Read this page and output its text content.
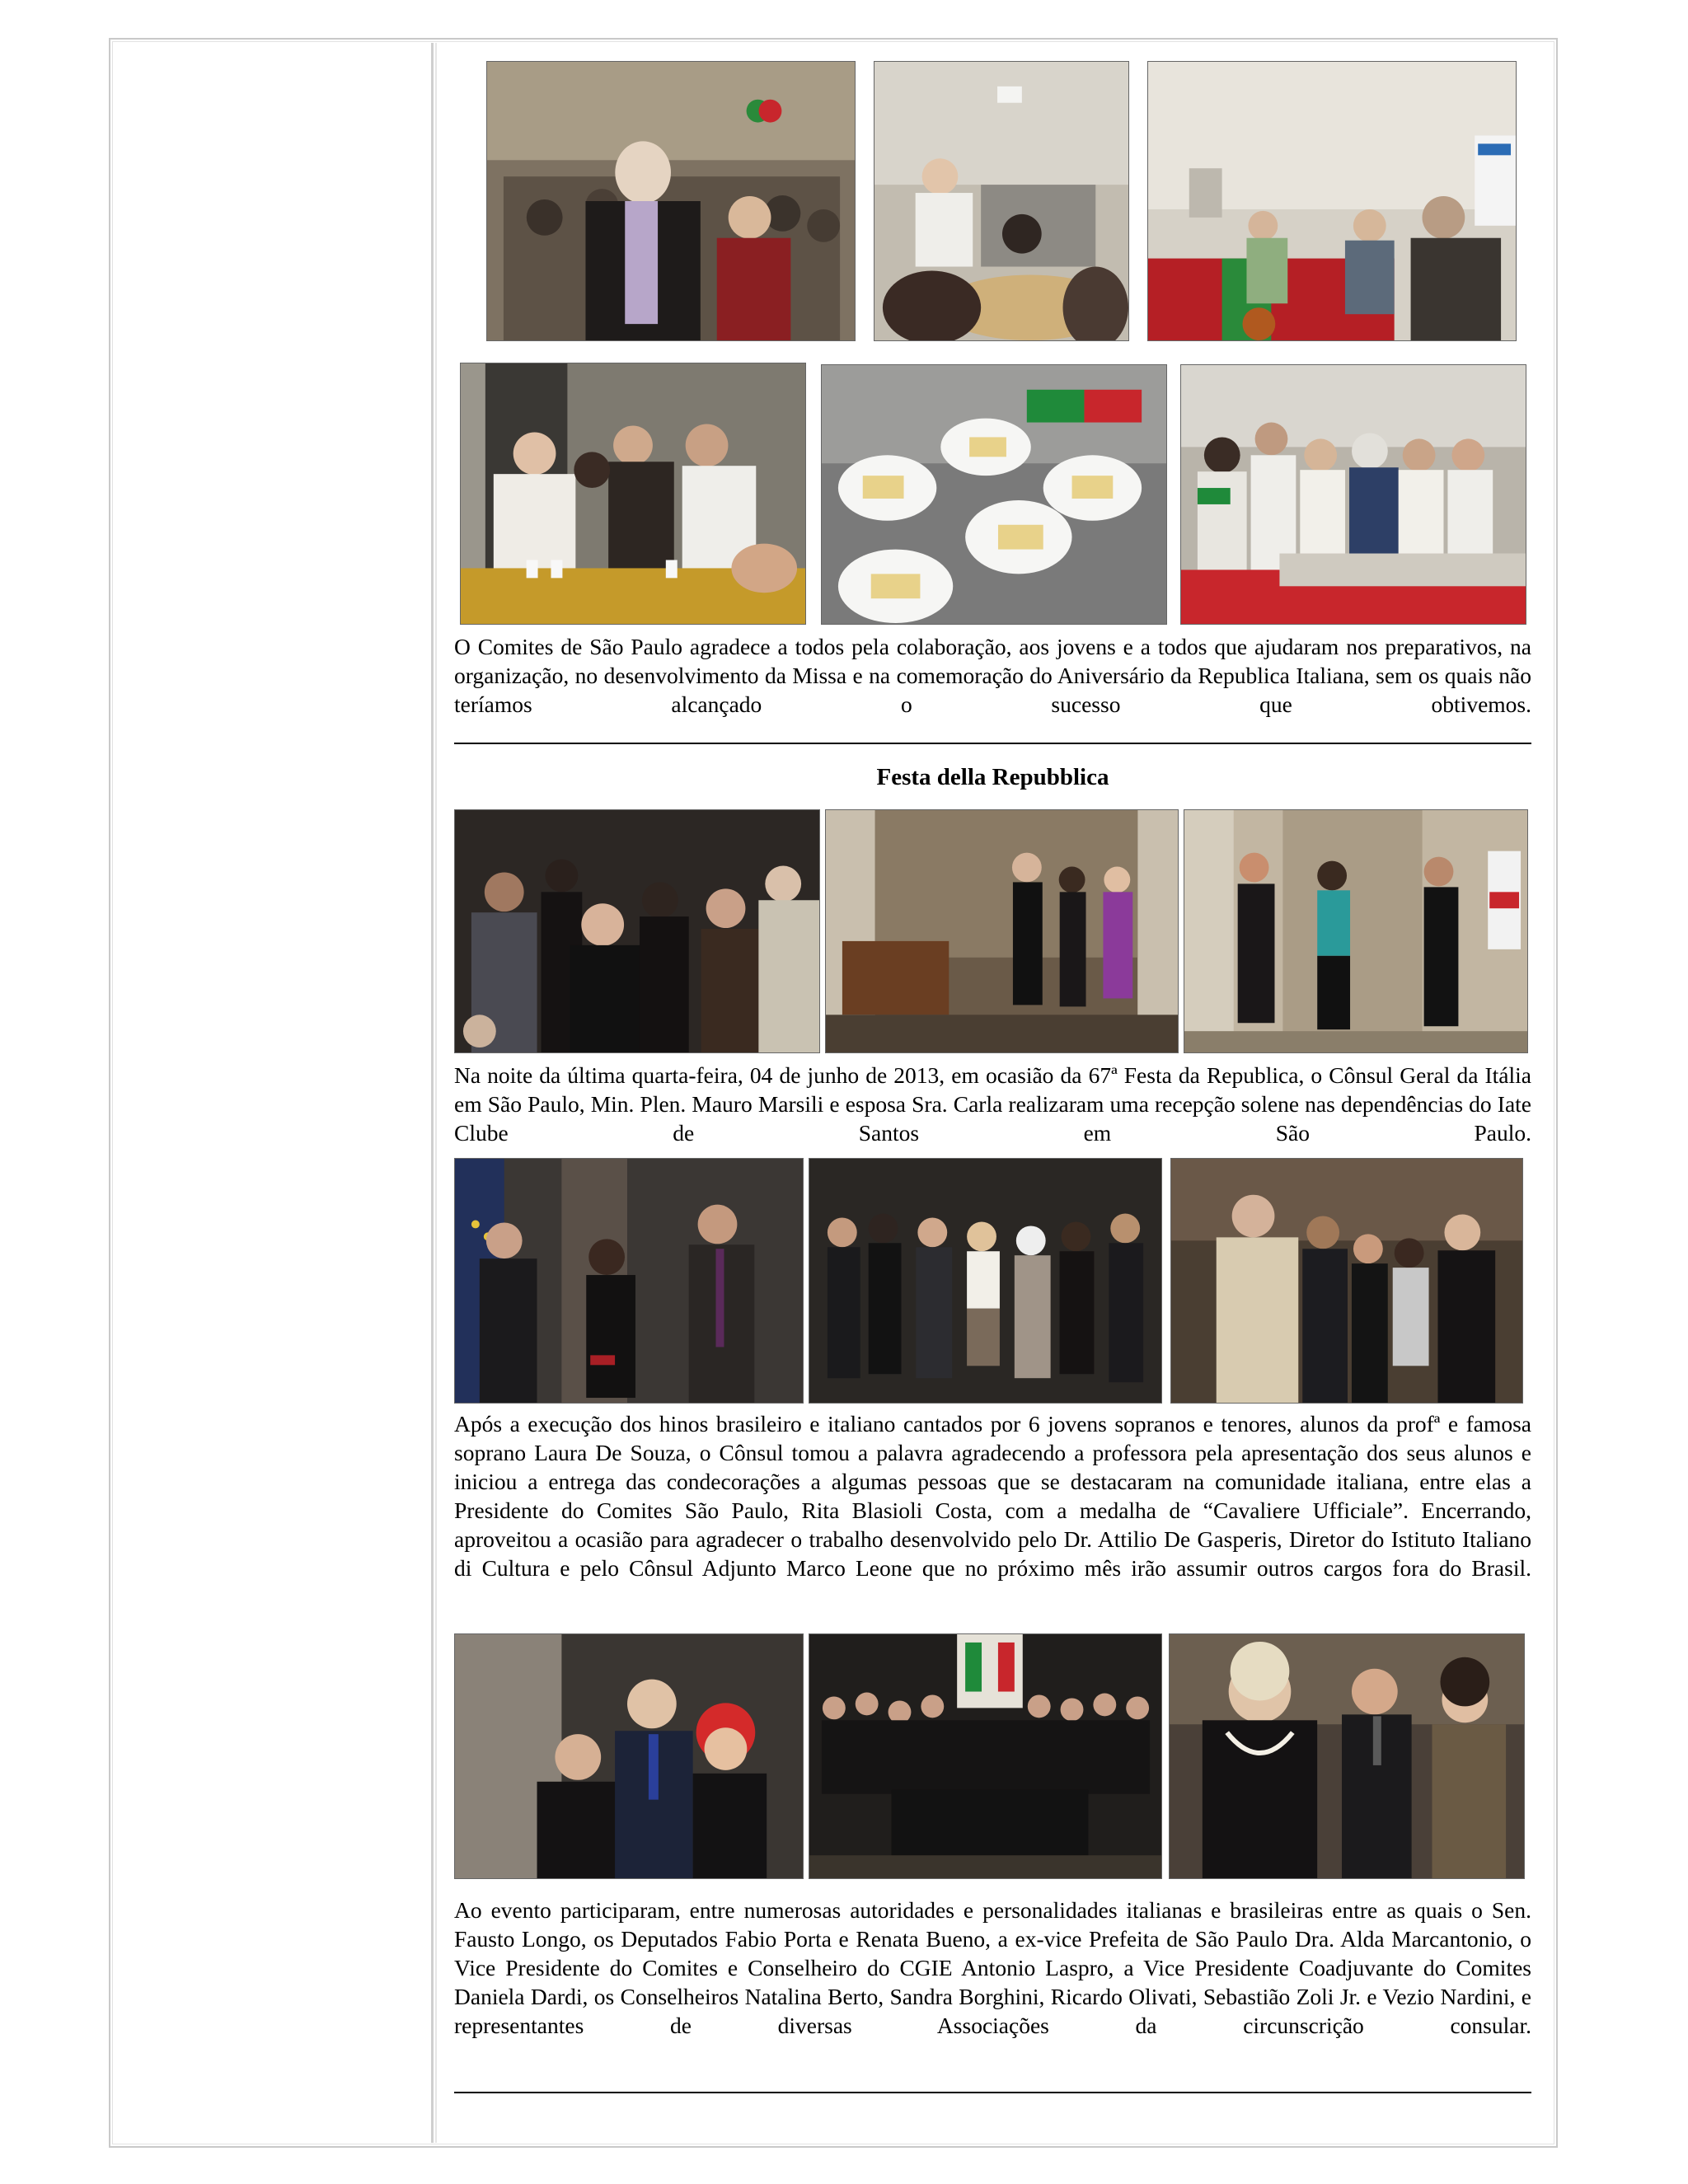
O Comites de São Paulo agradece a todos pela colaboração, aos jovens e a todos que ajudaram nos preparativos, na organização, no desenvolvimento da Missa e na comemoração do Aniversário da Republica Italiana, sem os quais não teríamos alcançado o sucesso que obtivemos.

Festa della Repubblica

Na noite da última quarta-feira, 04 de junho de 2013, em ocasião da 67ª Festa da Republica, o Cônsul Geral da Itália em São Paulo, Min. Plen. Mauro Marsili e esposa Sra. Carla realizaram uma recepção solene nas dependências do Iate Clube de Santos em São Paulo.

Após a execução dos hinos brasileiro e italiano cantados por 6 jovens sopranos e tenores, alunos da profª e famosa soprano Laura De Souza, o Cônsul tomou a palavra agradecendo a professora pela apresentação dos seus alunos e iniciou a entrega das condecorações a algumas pessoas que se destacaram na comunidade italiana, entre elas a Presidente do Comites São Paulo, Rita Blasioli Costa, com a medalha de “Cavaliere Ufficiale”. Encerrando, aproveitou a ocasião para agradecer o trabalho desenvolvido pelo Dr. Attilio De Gasperis, Diretor do Istituto Italiano di Cultura e pelo Cônsul Adjunto Marco Leone que no próximo mês irão assumir outros cargos fora do Brasil.

Ao evento participaram, entre numerosas autoridades e personalidades italianas e brasileiras entre as quais o Sen. Fausto Longo, os Deputados Fabio Porta e Renata Bueno, a ex-vice Prefeita de São Paulo Dra. Alda Marcantonio, o Vice Presidente do Comites e Conselheiro do CGIE Antonio Laspro, a Vice Presidente Coadjuvante do Comites Daniela Dardi, os Conselheiros Natalina Berto, Sandra Borghini, Ricardo Olivati, Sebastião Zoli Jr. e Vezio Nardini, e representantes de diversas Associações da circunscrição consular.
